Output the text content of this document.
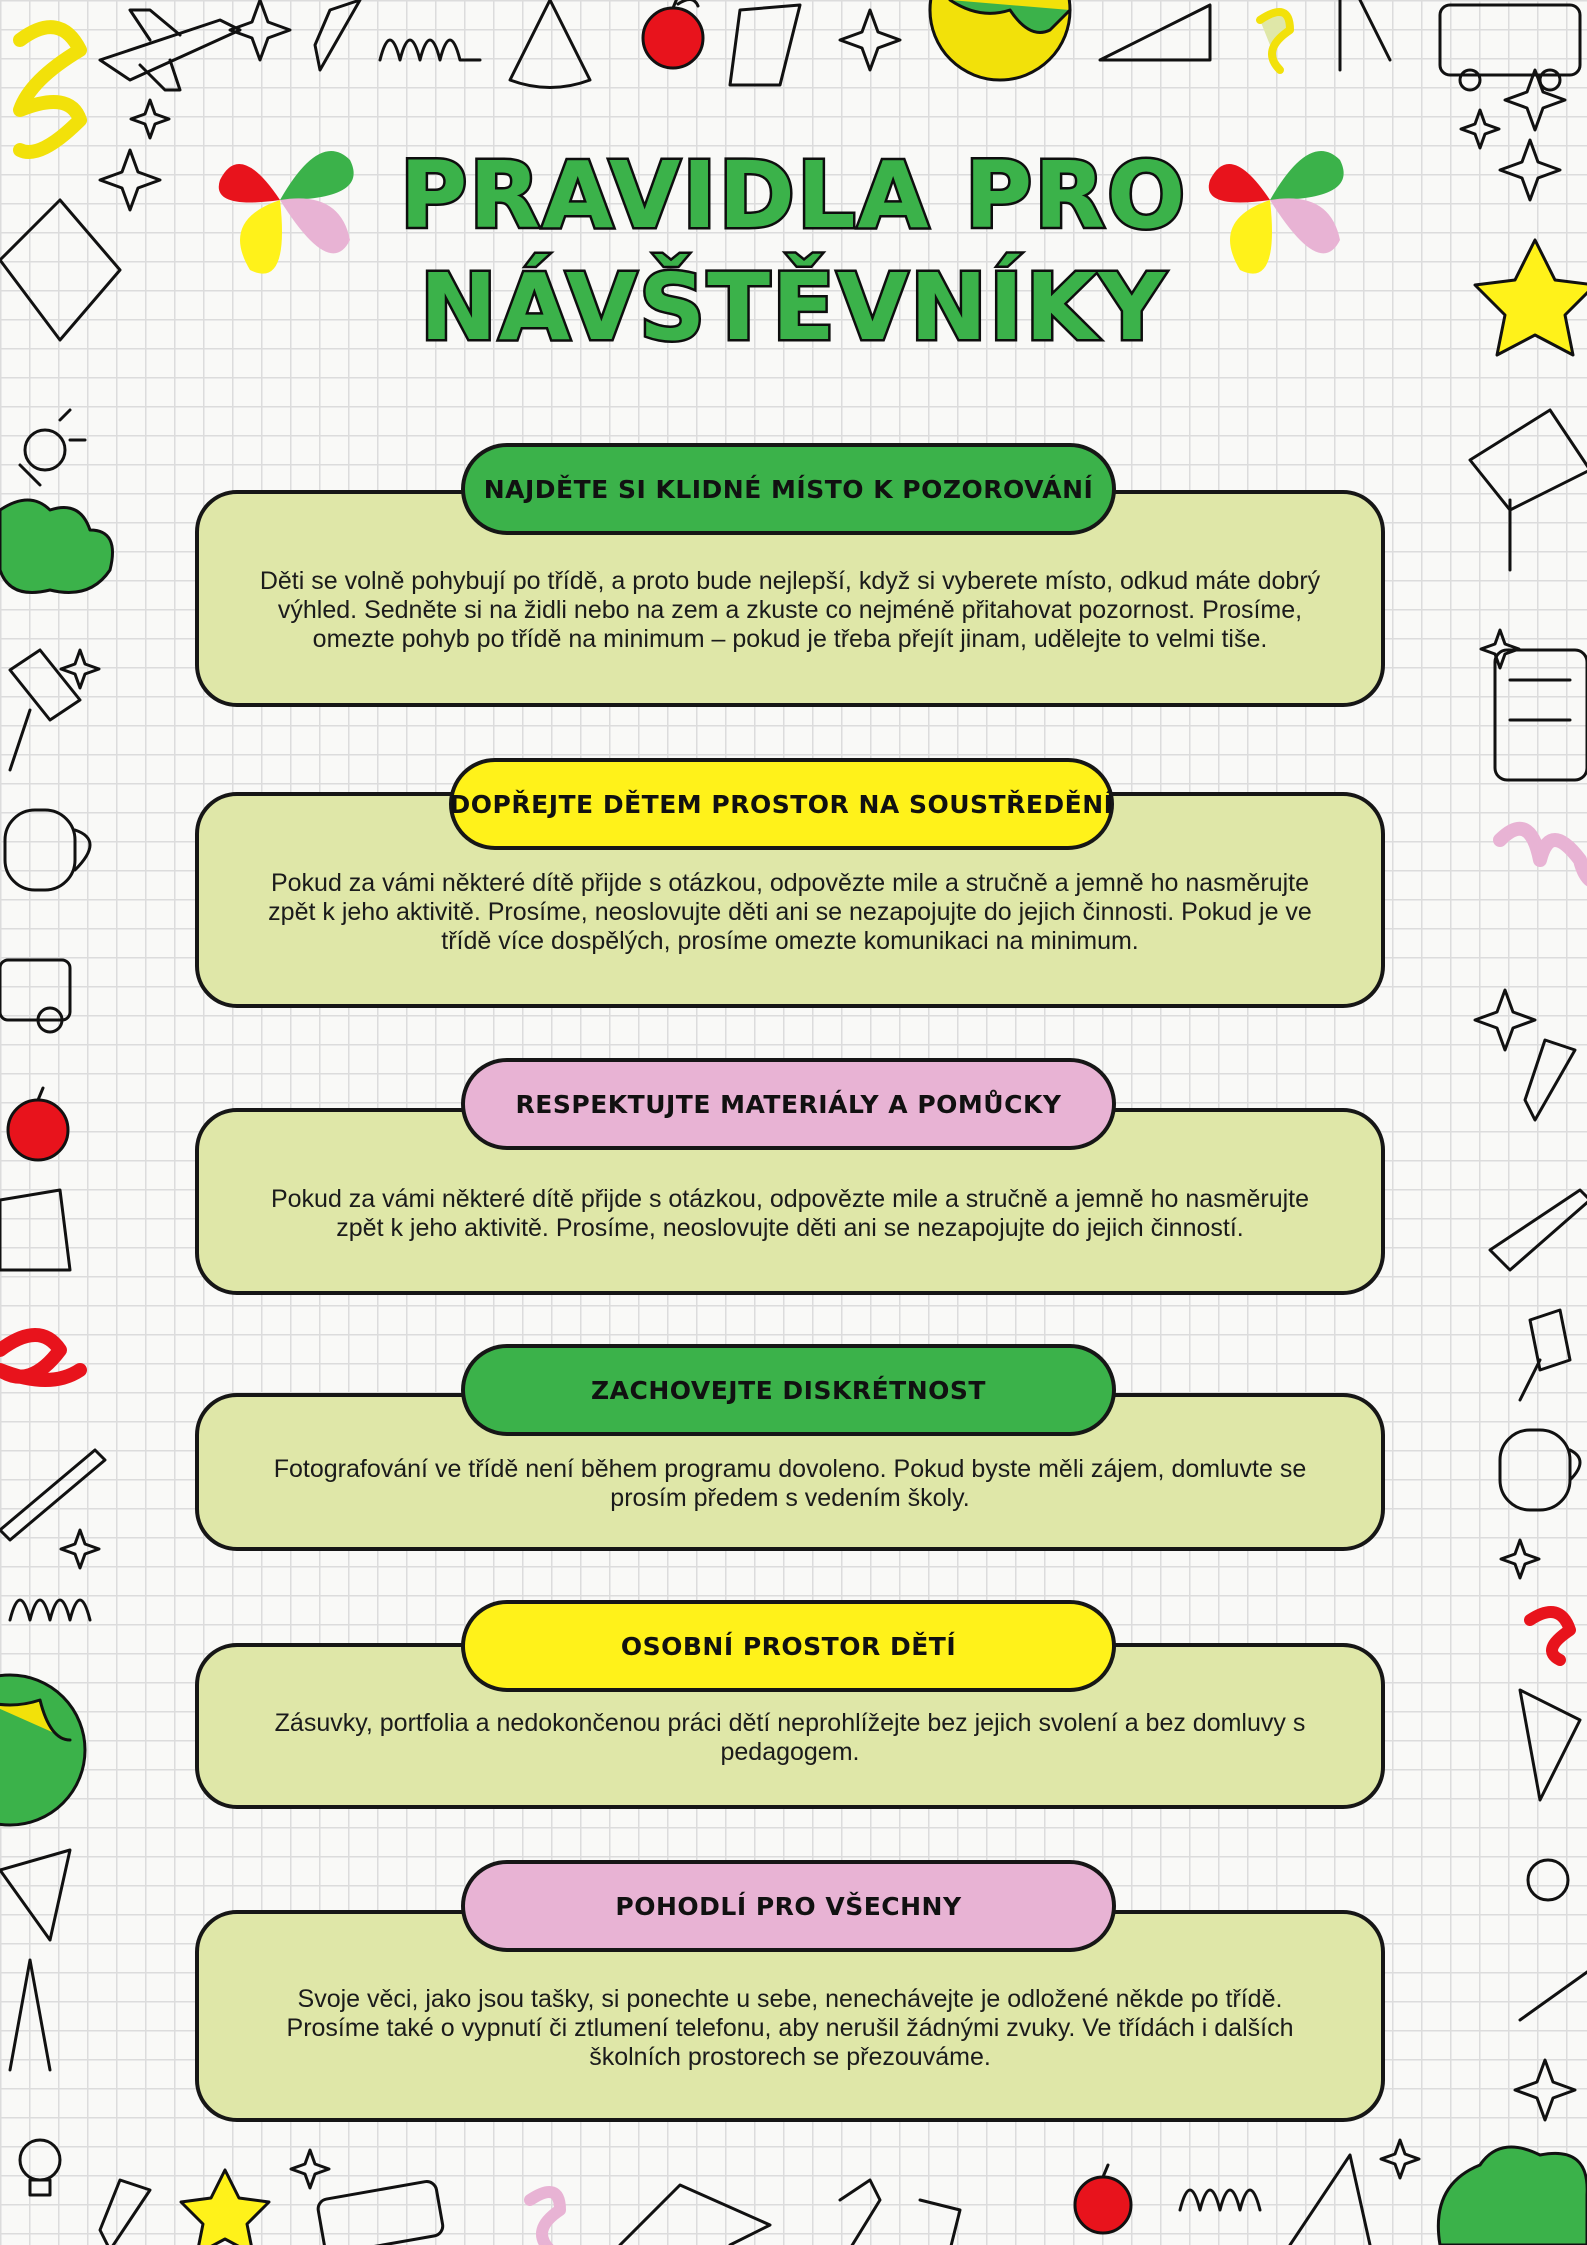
PRAVIDLA PRO
NÁVŠTĚVNÍKY

Děti se volně pohybují po třídě, a proto bude nejlepší, když si vyberete místo, odkud máte dobrý výhled. Sedněte si na židli nebo na zem a zkuste co nejméně přitahovat pozornost. Prosíme, omezte pohyb po třídě na minimum – pokud je třeba přejít jinam, udělejte to velmi tiše.

NAJDĚTE SI KLIDNÉ MÍSTO K POZOROVÁNÍ

Pokud za vámi některé dítě přijde s otázkou, odpovězte mile a stručně a jemně ho nasměrujte zpět k jeho aktivitě. Prosíme, neoslovujte děti ani se nezapojujte do jejich činnosti. Pokud je ve třídě více dospělých, prosíme omezte komunikaci na minimum.

DOPŘEJTE DĚTEM PROSTOR NA SOUSTŘEDĚNÍ

Pokud za vámi některé dítě přijde s otázkou, odpovězte mile a stručně a jemně ho nasměrujte zpět k jeho aktivitě. Prosíme, neoslovujte děti ani se nezapojujte do jejich činností.

RESPEKTUJTE MATERIÁLY A POMŮCKY

Fotografování ve třídě není během programu dovoleno. Pokud byste měli zájem, domluvte se prosím předem s vedením školy.

ZACHOVEJTE DISKRÉTNOST

Zásuvky, portfolia a nedokončenou práci dětí neprohlížejte bez jejich svolení a bez domluvy s pedagogem.

OSOBNÍ PROSTOR DĚTÍ

Svoje věci, jako jsou tašky, si ponechte u sebe, nenechávejte je odložené někde po třídě. Prosíme také o vypnutí či ztlumení telefonu, aby nerušil žádnými zvuky. Ve třídách i dalších školních prostorech se přezouváme.

POHODLÍ PRO VŠECHNY
